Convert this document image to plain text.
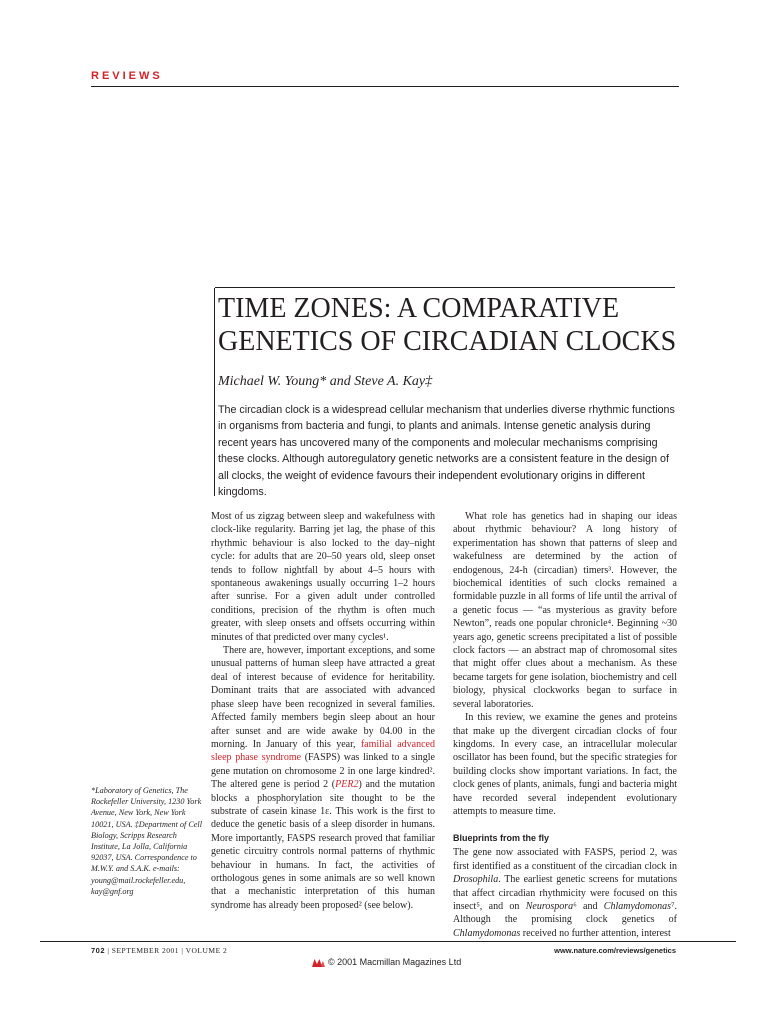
REVIEWS
TIME ZONES: A COMPARATIVE
GENETICS OF CIRCADIAN CLOCKS
Michael W. Young* and Steve A. Kay‡

The circadian clock is a widespread cellular mechanism that underlies diverse rhythmic functions in organisms from bacteria and fungi, to plants and animals. Intense genetic analysis during recent years has uncovered many of the components and molecular mechanisms comprising these clocks. Although autoregulatory genetic networks are a consistent feature in the design of all clocks, the weight of evidence favours their independent evolutionary origins in different kingdoms.

Most of us zigzag between sleep and wakefulness with clock-like regularity. Barring jet lag, the phase of this rhythmic behaviour is also locked to the day–night cycle: for adults that are 20–50 years old, sleep onset tends to follow nightfall by about 4–5 hours with spontaneous awakenings usually occurring 1–2 hours after sunrise. For a given adult under controlled conditions, precision of the rhythm is often much greater, with sleep onsets and offsets occurring within minutes of that predicted over many cycles¹.

There are, however, important exceptions, and some unusual patterns of human sleep have attracted a great deal of interest because of evidence for heritability. Dominant traits that are associated with advanced phase sleep have been recognized in several families. Affected family members begin sleep about an hour after sunset and are wide awake by 04.00 in the morning. In January of this year, familial advanced sleep phase syndrome (FASPS) was linked to a single gene mutation on chromosome 2 in one large kindred². The altered gene is period 2 (PER2) and the mutation blocks a phosphorylation site thought to be the substrate of casein kinase 1ε. This work is the first to deduce the genetic basis of a sleep disorder in humans. More importantly, FASPS research proved that familiar genetic circuitry controls normal patterns of rhythmic behaviour in humans. In fact, the activities of orthologous genes in some animals are so well known that a mechanistic interpretation of this human syndrome has already been proposed² (see below).

What role has genetics had in shaping our ideas about rhythmic behaviour? A long history of experimentation has shown that patterns of sleep and wakefulness are determined by the action of endogenous, 24-h (circadian) timers³. However, the biochemical identities of such clocks remained a formidable puzzle in all forms of life until the arrival of a genetic focus — “as mysterious as gravity before Newton”, reads one popular chronicle⁴. Beginning ~30 years ago, genetic screens precipitated a list of possible clock factors — an abstract map of chromosomal sites that might offer clues about a mechanism. As these became targets for gene isolation, biochemistry and cell biology, physical clockworks began to surface in several laboratories.

In this review, we examine the genes and proteins that make up the divergent circadian clocks of four kingdoms. In every case, an intracellular molecular oscillator has been found, but the specific strategies for building clocks show important variations. In fact, the clock genes of plants, animals, fungi and bacteria might have recorded several independent evolutionary attempts to measure time.

Blueprints from the fly

The gene now associated with FASPS, period 2, was first identified as a constituent of the circadian clock in Drosophila. The earliest genetic screens for mutations that affect circadian rhythmicity were focused on this insect⁵, and on Neurospora⁶ and Chlamydomonas⁷. Although the promising clock genetics of Chlamydomonas received no further attention, interest

*Laboratory of Genetics, The Rockefeller University, 1230 York Avenue, New York, New York 10021, USA. ‡Department of Cell Biology, Scripps Research Institute, La Jolla, California 92037, USA. Correspondence to M.W.Y. and S.A.K. e-mails: young@mail.rockefeller.edu, kay@gnf.org

702 | SEPTEMBER 2001 | VOLUME 2	www.nature.com/reviews/genetics
© 2001 Macmillan Magazines Ltd
